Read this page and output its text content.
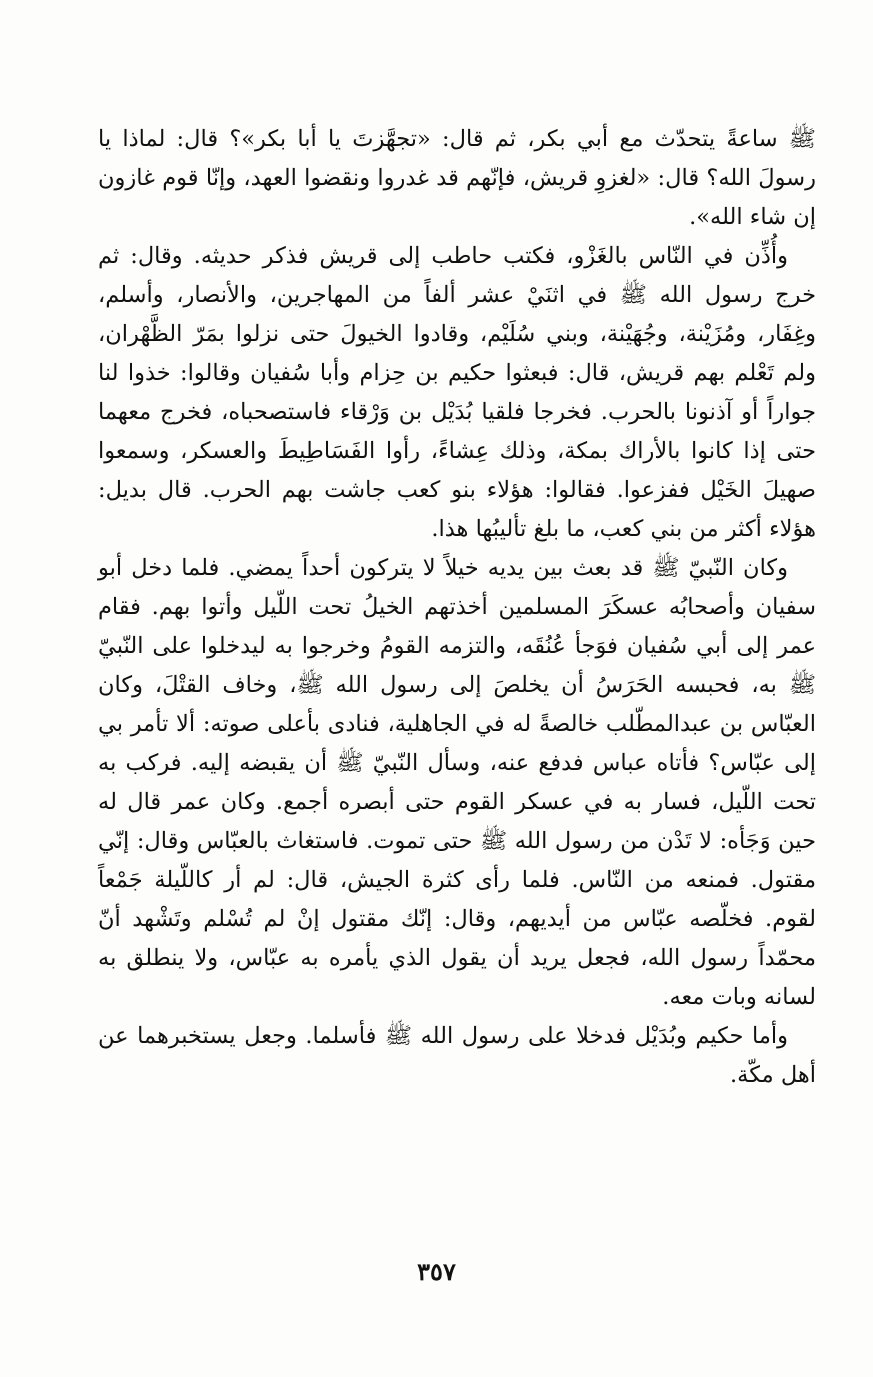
ﷺ ساعةً يتحدّث مع أبي بكر، ثم قال: «تجهَّزتَ يا أبا بكر»؟ قال: لماذا يا رسولَ الله؟ قال: «لغزوِ قريش، فإنّهم قد غدروا ونقضوا العهد، وإنّا قوم غازون إن شاء الله».

وأُذِّن في النّاس بالغَزْو، فكتب حاطب إلى قريش فذكر حديثه. وقال: ثم خرج رسول الله ﷺ في اثنَيْ عشر ألفاً من المهاجرين، والأنصار، وأسلم، وغِفَار، ومُزَيْنة، وجُهَيْنة، وبني سُلَيْم، وقادوا الخيولَ حتى نزلوا بمَرّ الظَّهْران، ولم تَعْلم بهم قريش، قال: فبعثوا حكيم بن حِزام وأبا سُفيان وقالوا: خذوا لنا جواراً أو آذنونا بالحرب. فخرجا فلقيا بُدَيْل بن وَرْقاء فاستصحباه، فخرج معهما حتى إذا كانوا بالأراك بمكة، وذلك عِشاءً، رأوا الفَسَاطِيطَ والعسكر، وسمعوا صهيلَ الخَيْل ففزعوا. فقالوا: هؤلاء بنو كعب جاشت بهم الحرب. قال بديل: هؤلاء أكثر من بني كعب، ما بلغ تأليبُها هذا.

وكان النّبيّ ﷺ قد بعث بين يديه خيلاً لا يتركون أحداً يمضي. فلما دخل أبو سفيان وأصحابُه عسكَرَ المسلمين أخذتهم الخيلُ تحت اللّيل وأتوا بهم. فقام عمر إلى أبي سُفيان فوَجأ عُنُقَه، والتزمه القومُ وخرجوا به ليدخلوا على النّبيّ ﷺ به، فحبسه الحَرَسُ أن يخلصَ إلى رسول الله ﷺ، وخاف القتْلَ، وكان العبّاس بن عبدالمطّلب خالصةً له في الجاهلية، فنادى بأعلى صوته: ألا تأمر بي إلى عبّاس؟ فأتاه عباس فدفع عنه، وسأل النّبيّ ﷺ أن يقبضه إليه. فركب به تحت اللّيل، فسار به في عسكر القوم حتى أبصره أجمع. وكان عمر قال له حين وَجَأه: لا تَدْن من رسول الله ﷺ حتى تموت. فاستغاث بالعبّاس وقال: إنّي مقتول. فمنعه من النّاس. فلما رأى كثرة الجيش، قال: لم أر كاللّيلة جَمْعاً لقوم. فخلّصه عبّاس من أيديهم، وقال: إنّك مقتول إنْ لم تُسْلم وتَشْهد أنّ محمّداً رسول الله، فجعل يريد أن يقول الذي يأمره به عبّاس، ولا ينطلق به لسانه وبات معه.

وأما حكيم وبُدَيْل فدخلا على رسول الله ﷺ فأسلما. وجعل يستخبرهما عن أهل مكّة.

٣٥٧
